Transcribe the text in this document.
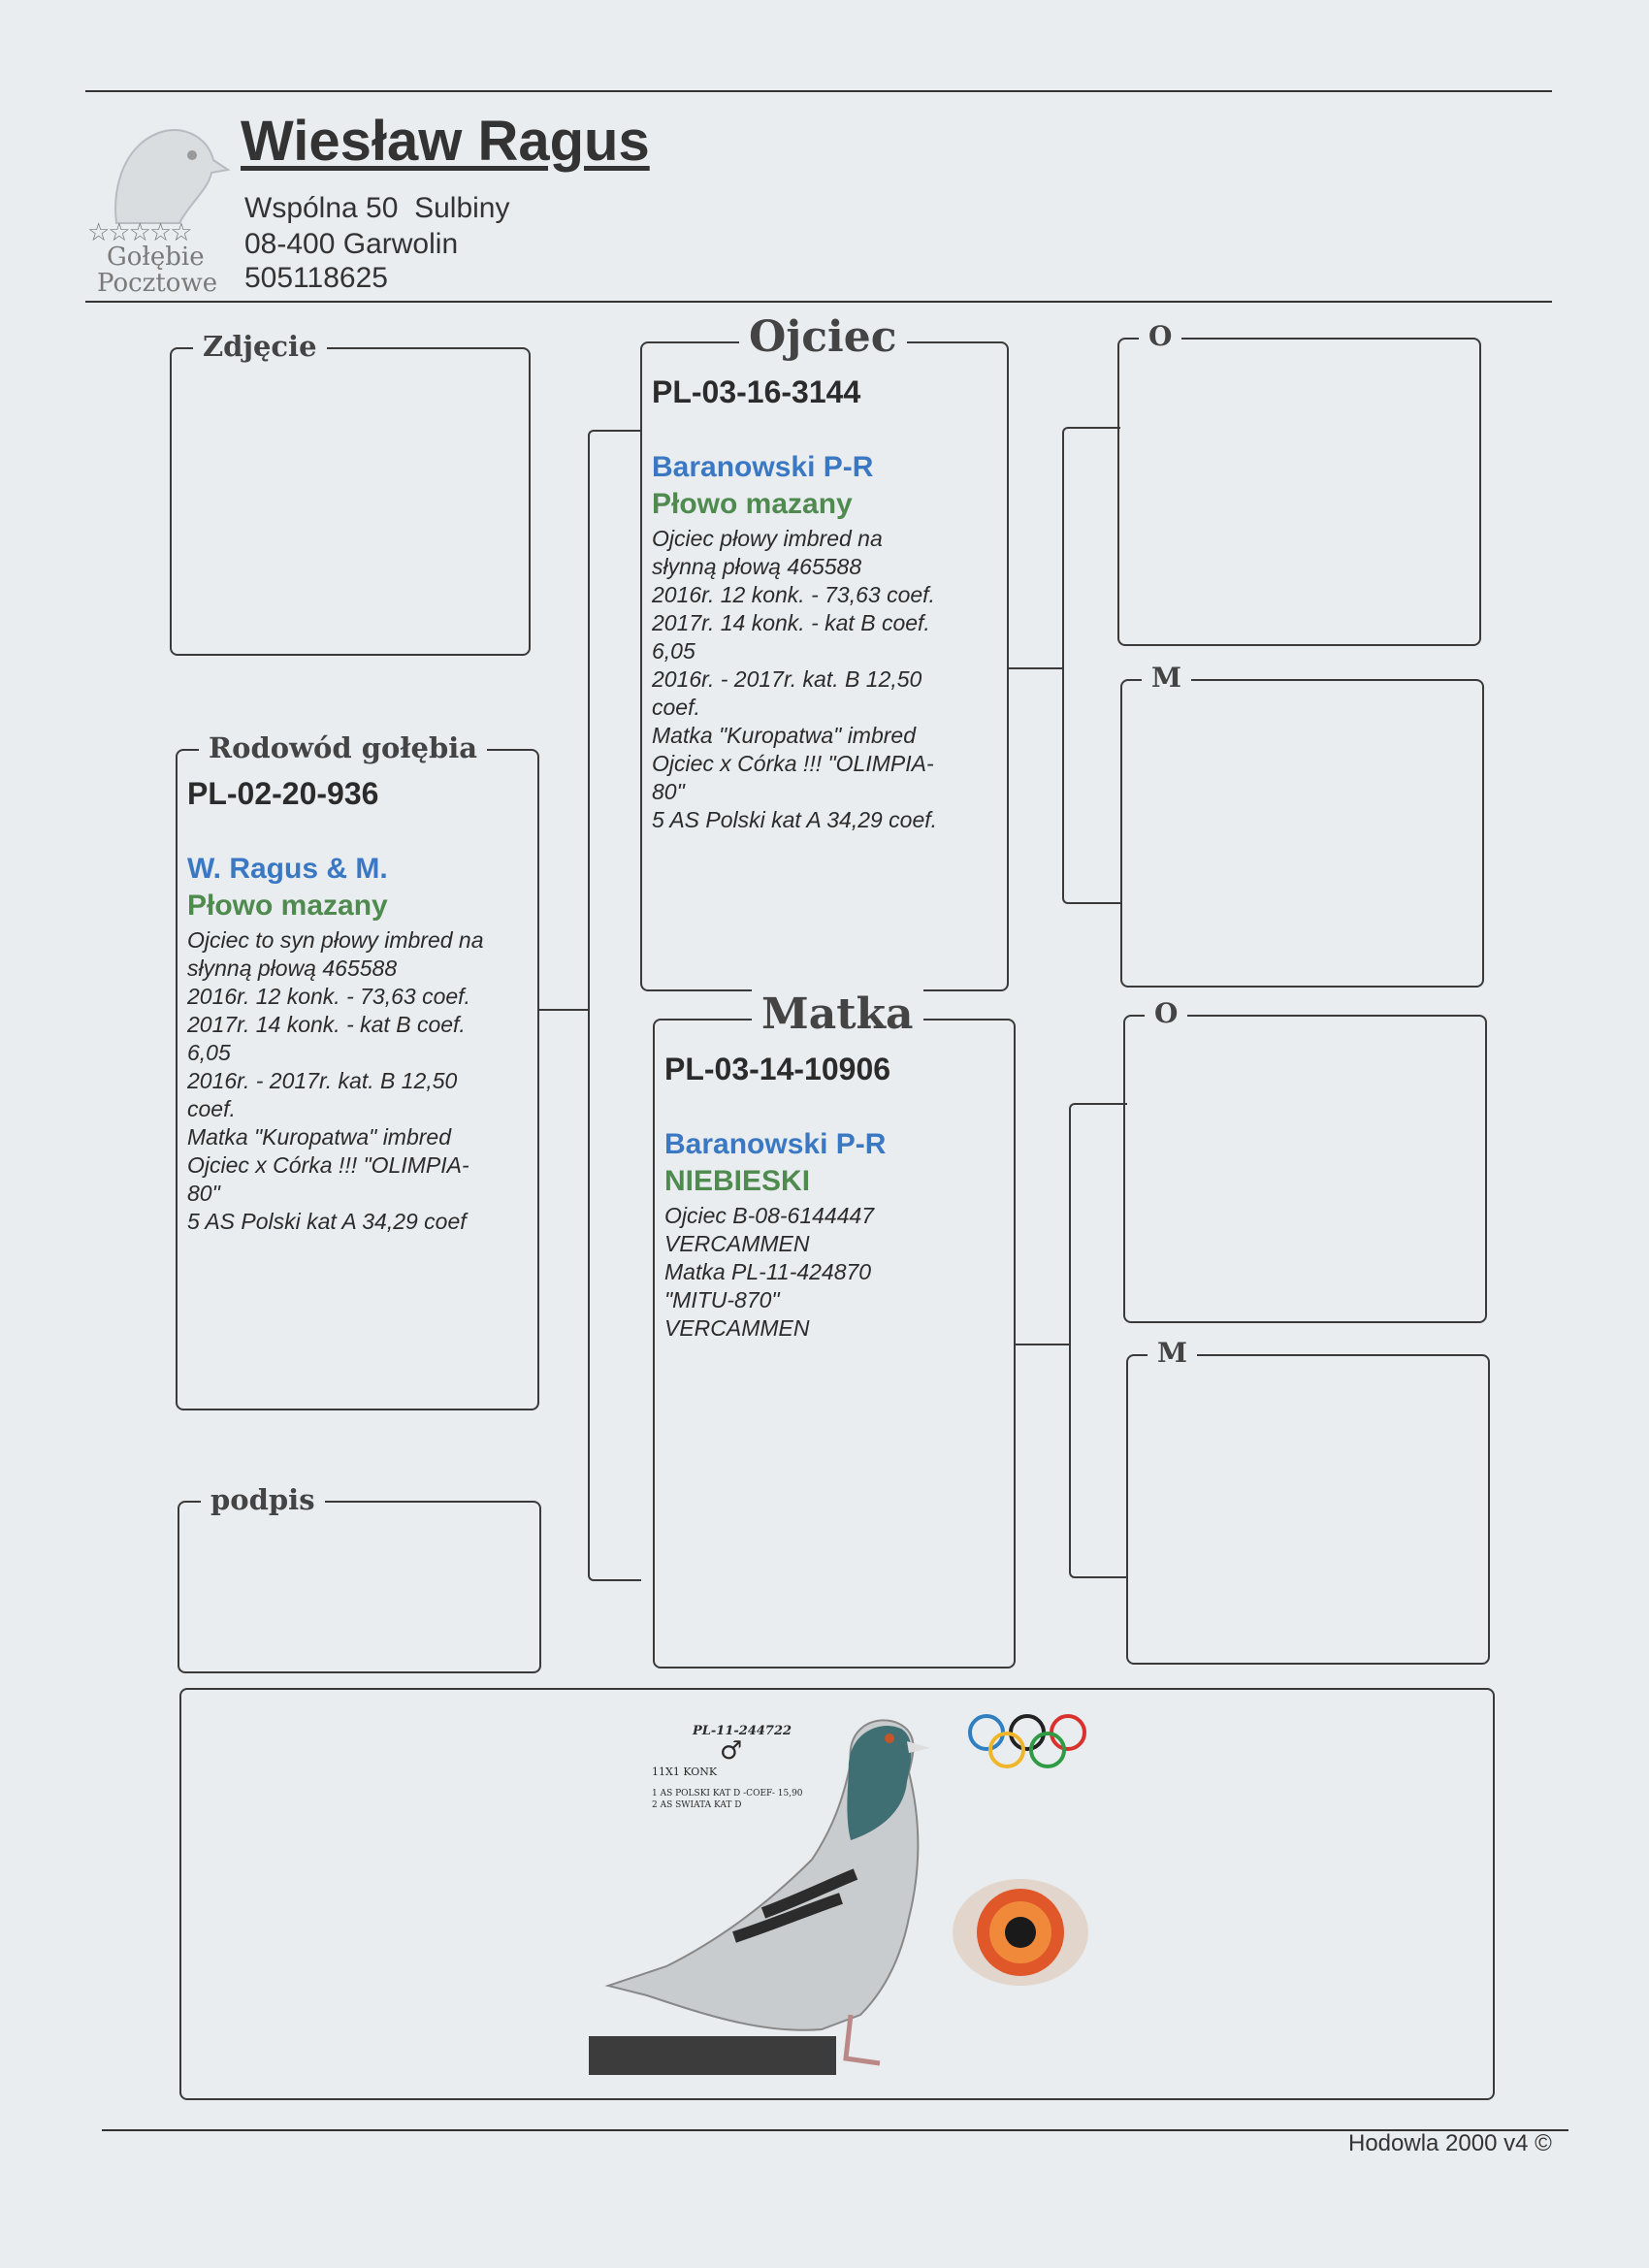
☆☆☆☆☆
Gołębie
Pocztowe
Wiesław Ragus
Wspólna 50  Sulbiny
08-400 Garwolin
505118625
Zdjęcie
Rodowód gołębia
PL-02-20-936
W. Ragus & M.
Płowo mazany
Ojciec to syn płowy imbred na
słynną płową 465588
2016r. 12 konk. - 73,63 coef.
2017r. 14 konk. - kat B coef.
6,05
2016r. - 2017r. kat. B 12,50
coef.
Matka "Kuropatwa" imbred
Ojciec x Córka !!! "OLIMPIA-
80"
5 AS Polski kat A 34,29 coef
podpis
Ojciec
PL-03-16-3144
Baranowski P-R
Płowo mazany
Ojciec płowy imbred na
słynną płową 465588
2016r. 12 konk. - 73,63 coef.
2017r. 14 konk. - kat B coef.
6,05
2016r. - 2017r. kat. B 12,50
coef.
Matka "Kuropatwa" imbred
Ojciec x Córka !!! "OLIMPIA-
80"
5 AS Polski kat A 34,29 coef.
Matka
PL-03-14-10906
Baranowski P-R
NIEBIESKI
Ojciec B-08-6144447
VERCAMMEN
Matka PL-11-424870
"MITU-870"
VERCAMMEN
O
M
O
M
PL-11-244722
♂
11X1 KONK
1 AS POLSKI KAT D -COEF- 15,90
2 AS SWIATA KAT D
Hodowla 2000 v4 ©
